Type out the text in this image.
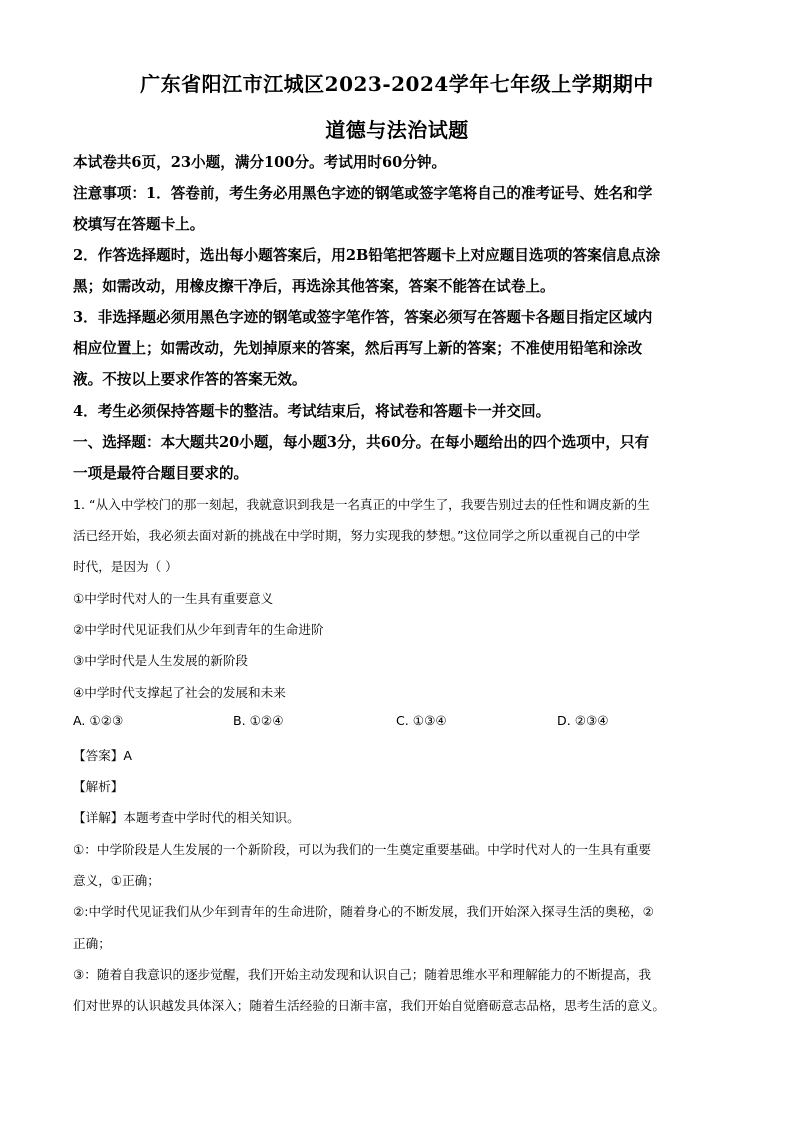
广东省阳江市江城区2023-2024学年七年级上学期期中
道德与法治试题
本试卷共6页，23小题，满分100分。考试用时60分钟。
注意事项：1．答卷前，考生务必用黑色字迹的钢笔或签字笔将自己的准考证号、姓名和学
校填写在答题卡上。
2．作答选择题时，选出每小题答案后，用2B铅笔把答题卡上对应题目选项的答案信息点涂
黑；如需改动，用橡皮擦干净后，再选涂其他答案，答案不能答在试卷上。
3．非选择题必须用黑色字迹的钢笔或签字笔作答，答案必须写在答题卡各题目指定区域内
相应位置上；如需改动，先划掉原来的答案，然后再写上新的答案；不准使用铅笔和涂改
液。不按以上要求作答的答案无效。
4．考生必须保持答题卡的整洁。考试结束后，将试卷和答题卡一并交回。
一、选择题：本大题共20小题，每小题3分，共60分。在每小题给出的四个选项中，只有
一项是最符合题目要求的。
1. “从入中学校门的那一刻起，我就意识到我是一名真正的中学生了，我要告别过去的任性和调皮新的生
活已经开始，我必须去面对新的挑战在中学时期，努力实现我的梦想。”这位同学之所以重视自己的中学
时代，是因为（ ）
①中学时代对人的一生具有重要意义
②中学时代见证我们从少年到青年的生命进阶
③中学时代是人生发展的新阶段
④中学时代支撑起了社会的发展和未来
A. ①②③	B. ①②④	C. ①③④	D. ②③④
【答案】A
【解析】
【详解】本题考查中学时代的相关知识。
①：中学阶段是人生发展的一个新阶段，可以为我们的一生奠定重要基础。中学时代对人的一生具有重要
意义，①正确；
②:中学时代见证我们从少年到青年的生命进阶，随着身心的不断发展，我们开始深入探寻生活的奥秘，②
正确；
③：随着自我意识的逐步觉醒，我们开始主动发现和认识自己；随着思维水平和理解能力的不断提高，我
们对世界的认识越发具体深入；随着生活经验的日渐丰富，我们开始自觉磨砺意志品格，思考生活的意义。
